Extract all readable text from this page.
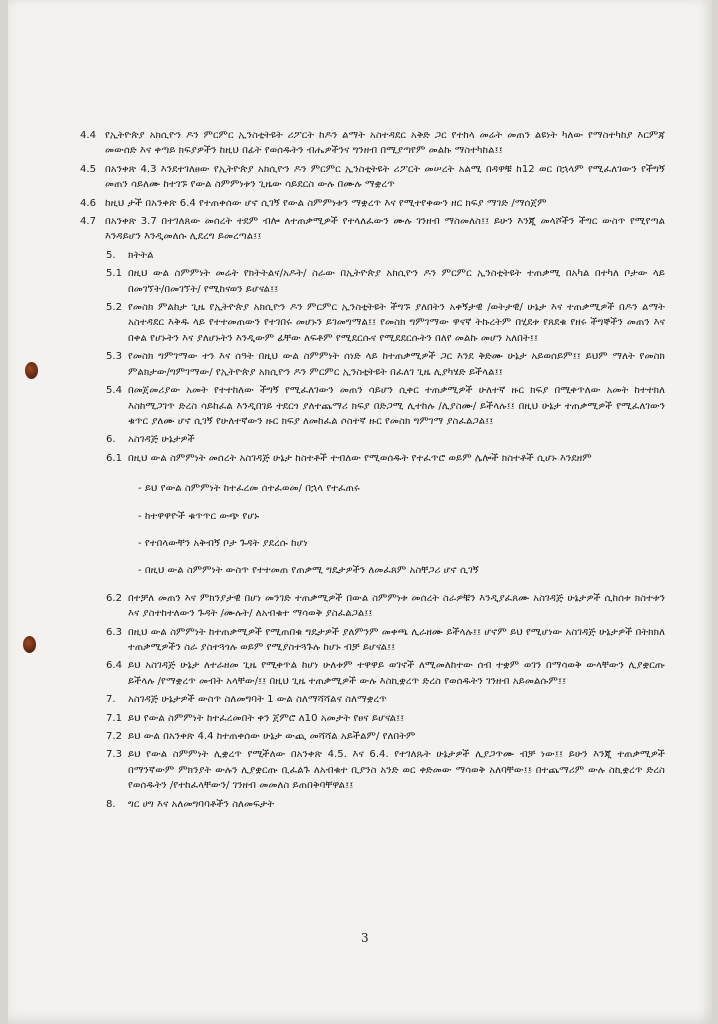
4.4 የኢትዮጵያ አክሲዮን ዶን ምርምር ኢንስቲትዩት ሪፖርት ከዶን ልማት አስተዳደር አቅድ ጋር የተከላ መሬት መጠን ልዩነት ካለው የማስተካከያ እርምጃ መውሰድ እና ቀጣይ ክፍያዎችን ከዚህ በፊት የወሰዱትን ብሔዎችንና ግንዘብ በሚያጣየም መልኩ ማስተካከል፤፤
4.5 በአንቀጽ 4.3 እንደተገለፀው የኢትዮጵያ አክሲዮን ዶን ምርምር ኢንስቲትዩት ሪፖርት መሠረት አልሚ በዳዋቹ ከ12 ወር በኋላም የሚፈለገውን የችግኝ መጠን ሳይለሙ ከተገኙ የውል ስምምነቱን ጊዜው ሳይደርስ ውሉ በሙሉ ማቋረጥ
4.6 ከዚህ ታች በአንቀጽ 6.4 የተጠቀሰው ሆኖ ሲገኝ የውል ስምምነቱን ማቋረጥ እና የሚተየቀውን ዘር ክፍያ ማገድ /ማሰጀም
4.7 በአንቀጽ 3.7 በተገለጸው መሰረት ተደም ብሎ ለተጠቃሚዎች የተላለፈውን ሙሉ ገንዘብ ማስመለስ፤፤ ይሁን እንጂ መላሾችን ችግር ውስጥ የሚየጣል እንዳይሆን እንዲመለሱ ሊደረግ ይመረጣል፤፤
5.	ክትትል
5.1 በዚህ ውል ስምምነት መሬት የክትትልና/አዶት/ ስራው በኢትዮጵያ አክሲዮን ዶን ምርምር ኢንስቲትዩት ተጠቃሚ በአካል በተካለ ቦታው ላይ በመገኘት/በመገኘት/ የሚከናወን ይሆናል፤፤
5.2 የመስክ ምልከታ ጊዜ የኢትዮጵያ አክሲዮን ዶን ምርምር ኢንስቲትዩት ችግኙ ያለበትን አቀኝታዊ /ወትታዊ/ ሁኔታ እና ተጠቃሚዎች በዶን ልማት አስተዳደር እቅዱ ላይ የተተመጠውን የተገበሩ መሆኑን ይገመግማል፤፤ የመስክ ግምገማው ዋናኛ ትኩረትም በሂደቱ የጸደቁ የዘሩ ችግኞችን መጠን እና በቀል የሆኑትን እና ያለሆኑትን እንዲውም ፊቸው ለፍቶም የሚደርሱና የሚደደርሱትን በለየ መልኩ መሆን አለበት፤፤
5.3 የመስክ ግምገማው ተን እና ሰዓት በዚህ ውል ስምምነት ሰነድ ላይ ከተጠቃሚዎች ጋር እንደ ቅድሙ ሁኔታ አይወሰይም፤፤ ይህም ማለት የመስክ ምልክታው/ግምገማው/ የኢትዮጵያ አክሲዮን ዶን ምርምር ኢንስቲትዩት በፈለገ ጊዜ ሊያካሄድ ይችላል፤፤
5.4 በመጀመሪያው አመት የተተከለው ችግኝ የሚፈለገውን መጠን ሳይሆን ሲቀር ተጠቃሚዎች ሁለተኛ ዙር ክፍያ በሚቀጥለው አመት ከተተክለ እስከሚጋገጥ ድረስ ሳይከፈል እንዲበገይ ተደርጎ ያለተጨማሪ ክፍያ በድጋሚ ሊተከሉ /ሊያስሙ/ ይችላሉ፤፤ በዚህ ሁኔታ ተጠቃሚዎች የሚፈለገውን ቁጥር ያለሙ ሆኖ ሲገኝ የሁለተኛውን ዙር ክፍያ ለመከፈል ሶስተኛ ዙር የመስክ ግምገማ ያስፈልጋል፤፤
6.	አስገዳጅ ሁኔታዎች
6.1 በዚህ ውል ስምምነት መሰረት አስገዳጅ ሁኔታ ከስተቶች ተብለው የሚወሰዱት የተፈጥሮ ወይም ሌሎች ክስተቶች ሲሆኑ እንደዘም
- ይህ የውል ስምምነት ከተፈረመ ሰተፈወመ/ በኋላ የተፈጠሩ
- ከተዋዋዮች ቁጥጥር ውጭ የሆኑ
- የተበላውቸን አቅብኝ ቦታ ጉዳት ያደረሱ ከሆነ
- በዚህ ውል ስምምነት ውስጥ የተተመጠ የጠቃሚ ግዴታዎችን ለመፈጸም አስቸጋሪ ሆኖ ሲገኝ
6.2 በተቻለ መጠን እና ምክንያታዊ በሆነ መንገድ ተጠቃሚዎች በውል ስምምነቱ መሰረት ስራዎቹን እንዲያፈጸሙ አስገዳጅ ሁኔታዎች ሲከሰቱ ክስተቱን እና ያስተከተለውን ጉዳት /ሙሉት/ ለአብቁተ ማሳወቅ ያስፈልጋል፤፤
6.3 በዚህ ውል ስምምነት ከተጠቃሚዎች የሚጠበቁ ግዴታዎች ያለምንም መቀጫ ሊራዘሙ ይችላሉ፤፤ ሆኖም ይህ የሚሆነው አስገዳጅ ሁኔታዎች በትክክለ ተጠቃሚዎችን ስራ ያስተጓጎሉ ወይም የሚያስተጓጉሉ ከሆኑ ብቻ ይሆናል፤፤
6.4 ይህ አስገዳጅ ሁኔታ ለተራዘመ ጊዜ የሚቀጥል ከሆነ ሁለቱም ተዋዋይ ወገኖች ለሚመለከተው ሰብ ተቋም ወገን በማሳወቅ ውላቸውን ሊያቋርጡ ይችላሉ /የማቋረጥ መብት አላቸው/፤፤ በዚህ ጊዜ ተጠቃሚዎች ውሉ እስኪቋረጥ ድረስ የወሰዱትን ገንዘብ አይመልሱም፤፤
7.	አስገዳጅ ሁኔታዎች ውስጥ ስለመግባት 1 ውል ስለማሻሻልና ስለማቋረጥ
7.1 ይህ የውል ስምምነት ከተፈረመበት ቀን ጀምሮ ለ10 አመታት የፀና ይሆናል፤፤
7.2 ይህ ውል በአንቀጽ 4.4 ከተጠቀሰው ሁኔታ ውጪ መሻሻል አይችልም/ የለበትም
7.3 ይህ የውል ስምምነት ሊቋረጥ የሚችለው በአንቀጽ 4.5. እና 6.4. የተገለጹት ሁኔታዎች ሊያጋጥሙ ብቻ ነው፤፤ ይሁን እንጂ ተጠቃሚዎች በማንኛውም ምክንያት ውሉን ሊያቋርጡ ቢፈልጉ ለአብቁተ ቢያንስ አንድ ወር ቀድመው ማሳወቅ አለባቸው፤፤ በተጨማሪም ውሉ ስኪቋረጥ ድረስ የወሰዱትን /የተከፈላቸውን/ ገንዘብ መመለስ ይጠበቅባቸዋል፤፤
8.	ግር ሀግ እና አለመግባባቶችን ስለመፍታት
3
